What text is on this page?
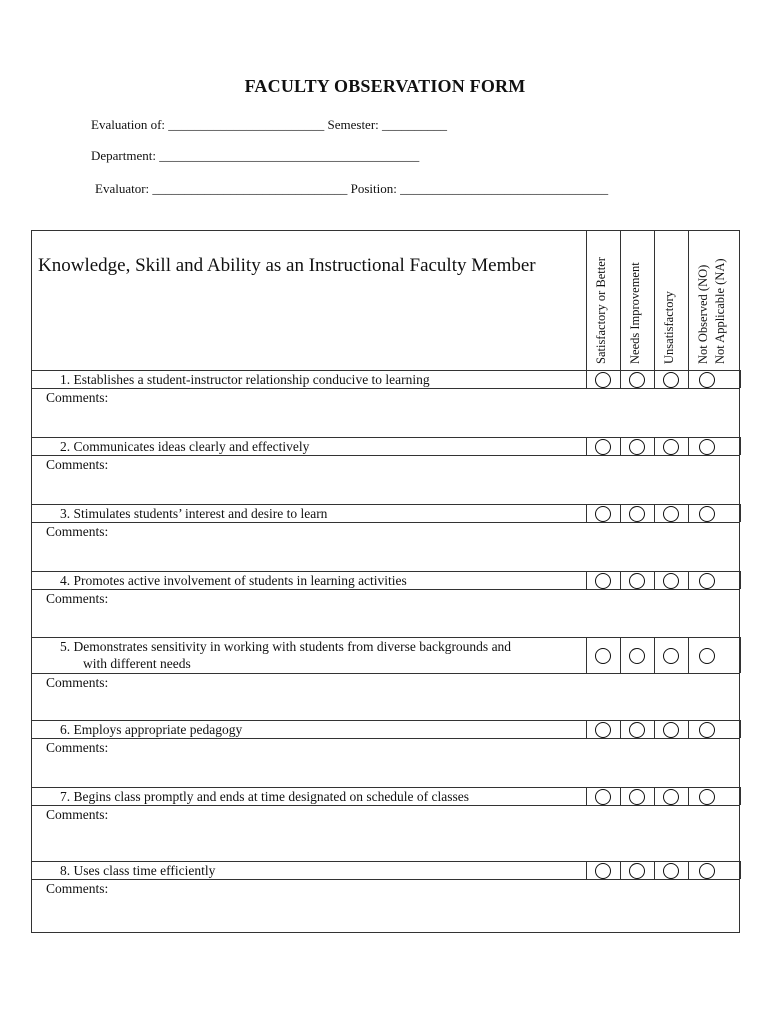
FACULTY OBSERVATION FORM
Evaluation of: ________________________ Semester: __________
Department: ________________________________________
Evaluator: ______________________________ Position: ________________________________
Knowledge, Skill and Ability as an Instructional Faculty Member	Satisfactory or Better Needs Improvement Unsatisfactory Not Observed (NO) Not Applicable (NA)
1. Establishes a student-instructor relationship conducive to learning
Comments:
2. Communicates ideas clearly and effectively
Comments:
3. Stimulates students’ interest and desire to learn
Comments:
4. Promotes active involvement of students in learning activities
Comments:
5. Demonstrates sensitivity in working with students from diverse backgrounds and
with different needs
Comments:
6. Employs appropriate pedagogy
Comments:
7. Begins class promptly and ends at time designated on schedule of classes
Comments:
8. Uses class time efficiently
Comments:
